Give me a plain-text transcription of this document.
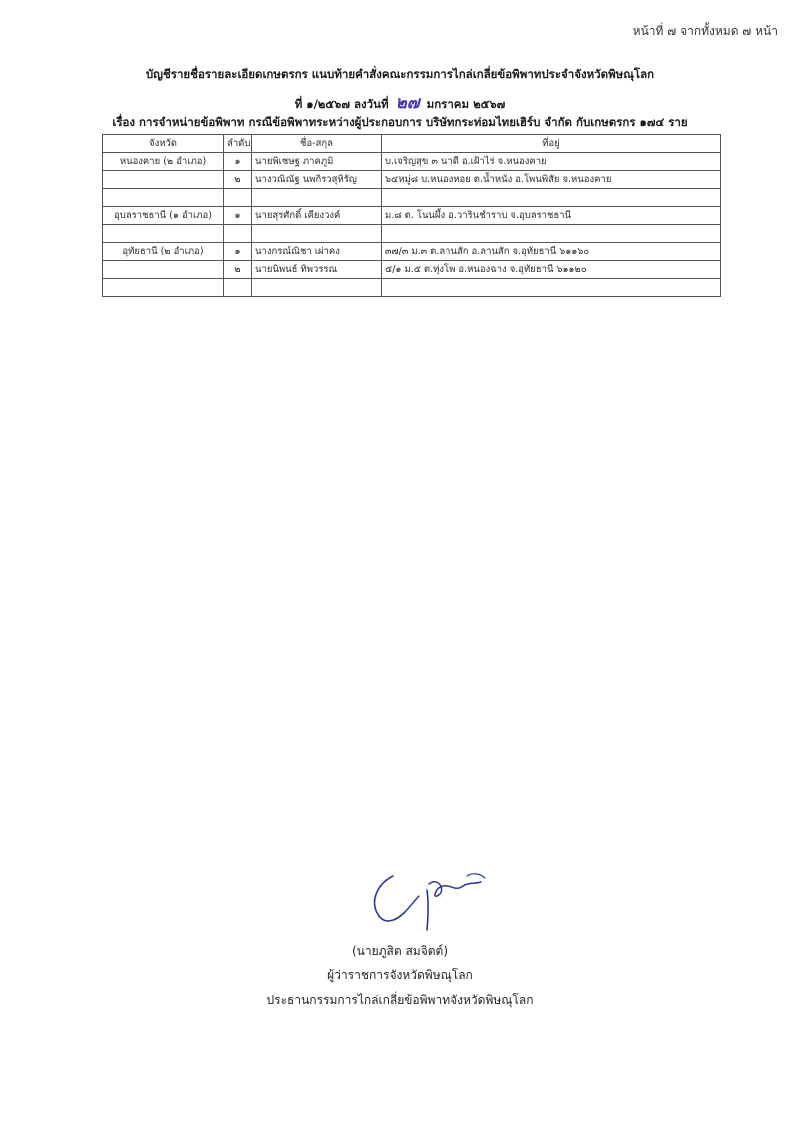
หน้าที่ ๗ จากทั้งหมด ๗ หน้า
บัญชีรายชื่อรายละเอียดเกษตรกร แนบท้ายคำสั่งคณะกรรมการไกล่เกลี่ยข้อพิพาทประจำจังหวัดพิษณุโลก
ที่ ๑/๒๕๖๗ ลงวันที่ ๒๗ มกราคม ๒๕๖๗
เรื่อง การจำหน่ายข้อพิพาท กรณีข้อพิพาทระหว่างผู้ประกอบการ บริษัทกระท่อมไทยเฮิร์บ จำกัด กับเกษตรกร ๑๗๔ ราย
จังหวัด	ลำดับ	ชื่อ-สกุล	ที่อยู่
หนองคาย (๒ อำเภอ)	๑	นายพิเชษฐ ภาคภูมิ	บ.เจริญสุข ๓ นาดี อ.เฝ้าไร่ จ.หนองคาย
	๒	นางวณิณัฐ นพกิรวสุหิรัญ	๖๔หมู่๘ บ.หนองหอย ต.น้ำหนัง อ.โพนพิสัย จ.หนองคาย

อุบลราชธานี (๑ อำเภอ)	๑	นายสุรศักดิ์ เคียงวงค์	ม.๘ ต. โนนผึ้ง อ.วารินชำราบ จ.อุบลราชธานี

อุทัยธานี (๒ อำเภอ)	๑	นางกรณ์ณิชา เผ่าคง	๓๗/๓ ม.๓ ต.ลานสัก อ.ลานสัก จ.อุทัยธานี ๖๑๑๖๐
	๒	นายนิพนธ์ ทิพวรรณ	๕/๑ ม.๕ ต.ทุ่งโพ อ.หนองฉาง จ.อุทัยธานี ๖๑๑๒๐

(นายภูสิต สมจิตต์)
ผู้ว่าราชการจังหวัดพิษณุโลก
ประธานกรรมการไกล่เกลี่ยข้อพิพาทจังหวัดพิษณุโลก
